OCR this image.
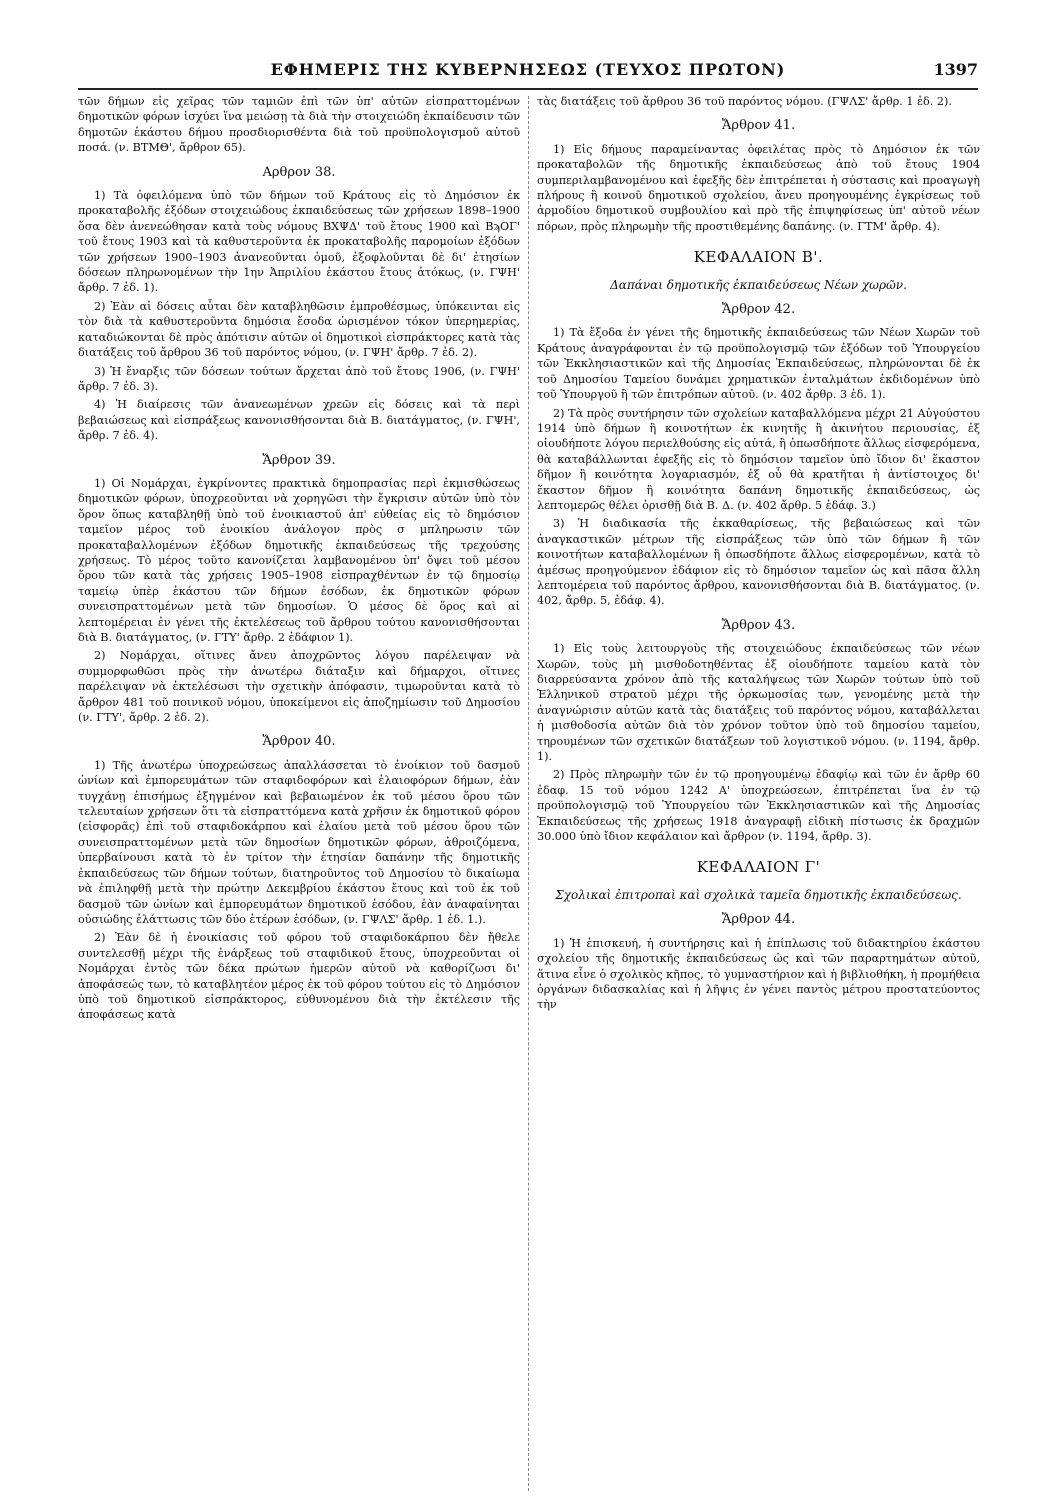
ΕΦΗΜΕΡΙΣ ΤΗΣ ΚΥΒΕΡΝΗΣΕΩΣ (ΤΕΥΧΟΣ ΠΡΩΤΟΝ)	1397

τῶν δήμων εἰς χεῖρας τῶν ταμιῶν ἐπὶ τῶν ὑπ' αὐτῶν εἰσπραττομένων δημοτικῶν φόρων ἰσχύει ἵνα μειώσῃ τὰ διὰ τὴν στοιχειώδη ἐκπαίδευσιν τῶν δημοτῶν ἑκάστου δήμου προσδιορισθέντα διὰ τοῦ προϋπολογισμοῦ αὐτοῦ ποσά. (ν. ΒΤΜΘ', ἄρθρον 65).

Αρθρον 38.

1) Τὰ ὀφειλόμενα ὑπὸ τῶν δήμων τοῦ Κράτους εἰς τὸ Δημόσιον ἐκ προκαταβολῆς ἐξόδων στοιχειώδους ἐκπαιδεύσεως τῶν χρήσεων 1898–1900 ὅσα δὲν ἀνενεώθησαν κατὰ τοὺς νόμους ΒΧΨΔ' τοῦ ἔτους 1900 καὶ ΒϡΟΓ' τοῦ ἔτους 1903 καὶ τὰ καθυστεροῦντα ἐκ προκαταβολῆς παρομοίων ἐξόδων τῶν χρήσεων 1900–1903 ἀνανεοῦνται ὁμοῦ, ἐξοφλοῦνται δὲ δι' ἐτησίων δόσεων πληρωνομένων τὴν 1ην Ἀπριλίου ἑκάστου ἔτους ἀτόκως, (ν. ΓΨΗ' ἄρθρ. 7 ἐδ. 1).

2) Ἐὰν αἱ δόσεις αὗται δὲν καταβληθῶσιν ἐμπροθέσμως, ὑπόκεινται εἰς τὸν διὰ τὰ καθυστεροῦντα δημόσια ἔσοδα ὡρισμένον τόκον ὑπερημερίας, καταδιώκονται δὲ πρὸς ἀπότισιν αὐτῶν οἱ δημοτικοὶ εἰσπράκτορες κατὰ τὰς διατάξεις τοῦ ἄρθρου 36 τοῦ παρόντος νόμου, (ν. ΓΨΗ' ἄρθρ. 7 ἐδ. 2).

3) Ἡ ἔναρξις τῶν δόσεων τούτων ἄρχεται ἀπὸ τοῦ ἔτους 1906, (ν. ΓΨΗ' ἄρθρ. 7 ἐδ. 3).

4) Ἡ διαίρεσις τῶν ἀνανεωμένων χρεῶν εἰς δόσεις καὶ τὰ περὶ βεβαιώσεως καὶ εἰσπράξεως κανονισθήσονται διὰ Β. διατάγματος, (ν. ΓΨΗ', ἄρθρ. 7 ἐδ. 4).

Ἄρθρον 39.

1) Οἱ Νομάρχαι, ἐγκρίνοντες πρακτικὰ δημοπρασίας περὶ ἐκμισθώσεως δημοτικῶν φόρων, ὑποχρεοῦνται νὰ χορηγῶσι τὴν ἔγκρισιν αὐτῶν ὑπὸ τὸν ὅρον ὅπως καταβληθῇ ὑπὸ τοῦ ἐνοικιαστοῦ ἀπ' εὐθείας εἰς τὸ δημόσιον ταμεῖον μέρος τοῦ ἐνοικίου ἀνάλογον πρὸς σ μπληρωσιν τῶν προκαταβαλλομένων ἐξόδων δημοτικῆς ἐκπαιδεύσεως τῆς τρεχούσης χρήσεως. Τὸ μέρος τοῦτο κανονίζεται λαμβανομένου ὑπ' ὄψει τοῦ μέσου ὅρου τῶν κατὰ τὰς χρήσεις 1905–1908 εἰσπραχθέντων ἐν τῷ δημοσίῳ ταμείῳ ὑπὲρ ἑκάστου τῶν δήμων ἐσόδων, ἐκ δημοτικῶν φόρων συνεισπραττομένων μετὰ τῶν δημοσίων. Ὁ μέσος δὲ ὅρος καὶ αἱ λεπτομέρειαι ἐν γένει τῆς ἐκτελέσεως τοῦ ἄρθρου τούτου κανονισθήσονται διὰ Β. διατάγματος, (ν. ΓΤΥ' ἄρθρ. 2 ἐδάφιον 1).

2) Νομάρχαι, οἵτινες ἄνευ ἀποχρῶντος λόγου παρέλειψαν νὰ συμμορφωθῶσι πρὸς τὴν ἀνωτέρω διάταξιν καὶ δήμαρχοι, οἵτινες παρέλειψαν νὰ ἐκτελέσωσι τὴν σχετικὴν ἀπόφασιν, τιμωροῦνται κατὰ τὸ ἄρθρον 481 τοῦ ποινικοῦ νόμου, ὑποκείμενοι εἰς ἀποζημίωσιν τοῦ Δημοσίου (ν. ΓΤΥ', ἄρθρ. 2 ἐδ. 2).

Ἄρθρον 40.

1) Τῆς ἀνωτέρω ὑποχρεώσεως ἀπαλλάσσεται τὸ ἐνοίκιον τοῦ δασμοῦ ὠνίων καὶ ἐμπορευμάτων τῶν σταφιδοφόρων καὶ ἐλαιοφόρων δήμων, ἐὰν τυγχάνῃ ἐπισήμως ἐξηγμένον καὶ βεβαιωμένον ἐκ τοῦ μέσου ὅρου τῶν τελευταίων χρήσεων ὅτι τὰ εἰσπραττόμενα κατὰ χρῆσιν ἐκ δημοτικοῦ φόρου (εἰσφορᾶς) ἐπὶ τοῦ σταφιδοκάρπου καὶ ἐλαίου μετὰ τοῦ μέσου ὅρου τῶν συνεισπραττομένων μετὰ τῶν δημοσίων δημοτικῶν φόρων, ἀθροιζόμενα, ὑπερβαίνουσι κατὰ τὸ ἐν τρίτον τὴν ἐτησίαν δαπάνην τῆς δημοτικῆς ἐκπαιδεύσεως τῶν δήμων τούτων, διατηροῦντος τοῦ Δημοσίου τὸ δικαίωμα νὰ ἐπιληφθῇ μετὰ τὴν πρώτην Δεκεμβρίου ἑκάστου ἔτους καὶ τοῦ ἐκ τοῦ δασμοῦ τῶν ὠνίων καὶ ἐμπορευμάτων δημοτικοῦ ἐσόδου, ἐὰν ἀναφαίνηται οὐσιώδης ἐλάττωσις τῶν δύο ἑτέρων ἐσόδων, (ν. ΓΨΛΣ' ἄρθρ. 1 ἐδ. 1.).

2) Ἐὰν δὲ ἡ ἐνοικίασις τοῦ φόρου τοῦ σταφιδοκάρπου δὲν ἤθελε συντελεσθῇ μέχρι τῆς ἐνάρξεως τοῦ σταφιδικοῦ ἔτους, ὑποχρεοῦνται οἱ Νομάρχαι ἐντὸς τῶν δέκα πρώτων ἡμερῶν αὐτοῦ νὰ καθορίζωσι δι' ἀποφάσεώς των, τὸ καταβλητέον μέρος ἐκ τοῦ φόρου τούτου εἰς τὸ Δημόσιον ὑπὸ τοῦ δημοτικοῦ εἰσπράκτορος, εὐθυνομένου διὰ τὴν ἐκτέλεσιν τῆς ἀποφάσεως κατὰ

τὰς διατάξεις τοῦ ἄρθρου 36 τοῦ παρόντος νόμου. (ΓΨΛΣ' ἄρθρ. 1 ἐδ. 2).

Ἄρθρον 41.

1) Εἰς δήμους παραμείναντας ὀφειλέτας πρὸς τὸ Δημόσιον ἐκ τῶν προκαταβολῶν τῆς δημοτικῆς ἐκπαιδεύσεως ἀπὸ τοῦ ἔτους 1904 συμπεριλαμβανομένου καὶ ἐφεξῆς δὲν ἐπιτρέπεται ἡ σύστασις καὶ προαγωγὴ πλήρους ἢ κοινοῦ δημοτικοῦ σχολείου, ἄνευ προηγουμένης ἐγκρίσεως τοῦ ἁρμοδίου δημοτικοῦ συμβουλίου καὶ πρὸ τῆς ἐπιψηφίσεως ὑπ' αὐτοῦ νέων πόρων, πρὸς πληρωμὴν τῆς προστιθεμένης δαπάνης. (ν. ΓΤΜ' ἄρθρ. 4).

ΚΕΦΑΛΑΙΟΝ Β'.
Δαπάναι δημοτικῆς ἐκπαιδεύσεως Νέων χωρῶν.
Ἄρθρον 42.

1) Τὰ ἔξοδα ἐν γένει τῆς δημοτικῆς ἐκπαιδεύσεως τῶν Νέων Χωρῶν τοῦ Κράτους ἀναγράφονται ἐν τῷ προϋπολογισμῷ τῶν ἐξόδων τοῦ Ὑπουργείου τῶν Ἐκκλησιαστικῶν καὶ τῆς Δημοσίας Ἐκπαιδεύσεως, πληρώνονται δὲ ἐκ τοῦ Δημοσίου Ταμείου δυνάμει χρηματικῶν ἐνταλμάτων ἐκδιδομένων ὑπὸ τοῦ Ὑπουργοῦ ἢ τῶν ἐπιτρόπων αὐτοῦ. (ν. 402 ἄρθρ. 3 ἐδ. 1).

2) Τὰ πρὸς συντήρησιν τῶν σχολείων καταβαλλόμενα μέχρι 21 Αὐγούστου 1914 ὑπὸ δήμων ἢ κοινοτήτων ἐκ κινητῆς ἢ ἀκινήτου περιουσίας, ἐξ οἱουδήποτε λόγου περιελθούσης εἰς αὐτά, ἢ ὁπωσδήποτε ἄλλως εἰσφερόμενα, θὰ καταβάλλωνται ἐφεξῆς εἰς τὸ δημόσιον ταμεῖον ὑπὸ ἴδιον δι' ἕκαστον δῆμον ἢ κοινότητα λογαριασμόν, ἐξ οὗ θὰ κρατῆται ἡ ἀντίστοιχος δι' ἕκαστον δῆμον ἢ κοινότητα δαπάνη δημοτικῆς ἐκπαιδεύσεως, ὡς λεπτομερῶς θέλει ὁρισθῇ διὰ Β. Δ. (ν. 402 ἄρθρ. 5 ἐδάφ. 3.)

3) Ἡ διαδικασία τῆς ἐκκαθαρίσεως, τῆς βεβαιώσεως καὶ τῶν ἀναγκαστικῶν μέτρων τῆς εἰσπράξεως τῶν ὑπὸ τῶν δήμων ἢ τῶν κοινοτήτων καταβαλλομένων ἢ ὁπωσδήποτε ἄλλως εἰσφερομένων, κατὰ τὸ ἀμέσως προηγούμενον ἐδάφιον εἰς τὸ δημόσιον ταμεῖον ὡς καὶ πᾶσα ἄλλη λεπτομέρεια τοῦ παρόντος ἄρθρου, κανονισθήσονται διὰ Β. διατάγματος. (ν. 402, ἄρθρ. 5, ἐδάφ. 4).

Ἄρθρον 43.

1) Εἰς τοὺς λειτουργοὺς τῆς στοιχειώδους ἐκπαιδεύσεως τῶν νέων Χωρῶν, τοὺς μὴ μισθοδοτηθέντας ἐξ οἱουδήποτε ταμείου κατὰ τὸν διαρρεύσαντα χρόνον ἀπὸ τῆς καταλήψεως τῶν Χωρῶν τούτων ὑπὸ τοῦ Ἑλληνικοῦ στρατοῦ μέχρι τῆς ὁρκωμοσίας των, γενομένης μετὰ τὴν ἀναγνώρισιν αὐτῶν κατὰ τὰς διατάξεις τοῦ παρόντος νόμου, καταβάλλεται ἡ μισθοδοσία αὐτῶν διὰ τὸν χρόνον τοῦτον ὑπὸ τοῦ δημοσίου ταμείου, τηρουμένων τῶν σχετικῶν διατάξεων τοῦ λογιστικοῦ νόμου. (ν. 1194, ἄρθρ. 1).

2) Πρὸς πληρωμὴν τῶν ἐν τῷ προηγουμένῳ ἐδαφίῳ καὶ τῶν ἐν ἄρθρ 60 ἐδαφ. 15 τοῦ νόμου 1242 Α' ὑποχρεώσεων, ἐπιτρέπεται ἵνα ἐν τῷ προϋπολογισμῷ τοῦ Ὑπουργείου τῶν Ἐκκλησιαστικῶν καὶ τῆς Δημοσίας Ἐκπαιδεύσεως τῆς χρήσεως 1918 ἀναγραφῇ εἰδικὴ πίστωσις ἐκ δραχμῶν 30.000 ὑπὸ ἴδιον κεφάλαιον καὶ ἄρθρον (ν. 1194, ἄρθρ. 3).

ΚΕΦΑΛΑΙΟΝ Γ'
Σχολικαὶ ἐπιτροπαὶ καὶ σχολικὰ ταμεῖα δημοτικῆς ἐκπαιδεύσεως.
Ἄρθρον 44.

1) Ἡ ἐπισκευή, ἡ συντήρησις καὶ ἡ ἐπίπλωσις τοῦ διδακτηρίου ἑκάστου σχολείου τῆς δημοτικῆς ἐκπαιδεύσεως ὡς καὶ τῶν παραρτημάτων αὐτοῦ, ἅτινα εἶνε ὁ σχολικὸς κῆπος, τὸ γυμναστήριον καὶ ἡ βιβλιοθήκη, ἡ προμήθεια ὀργάνων διδασκαλίας καὶ ἡ λῆψις ἐν γένει παντὸς μέτρου προστατεύοντος τὴν
